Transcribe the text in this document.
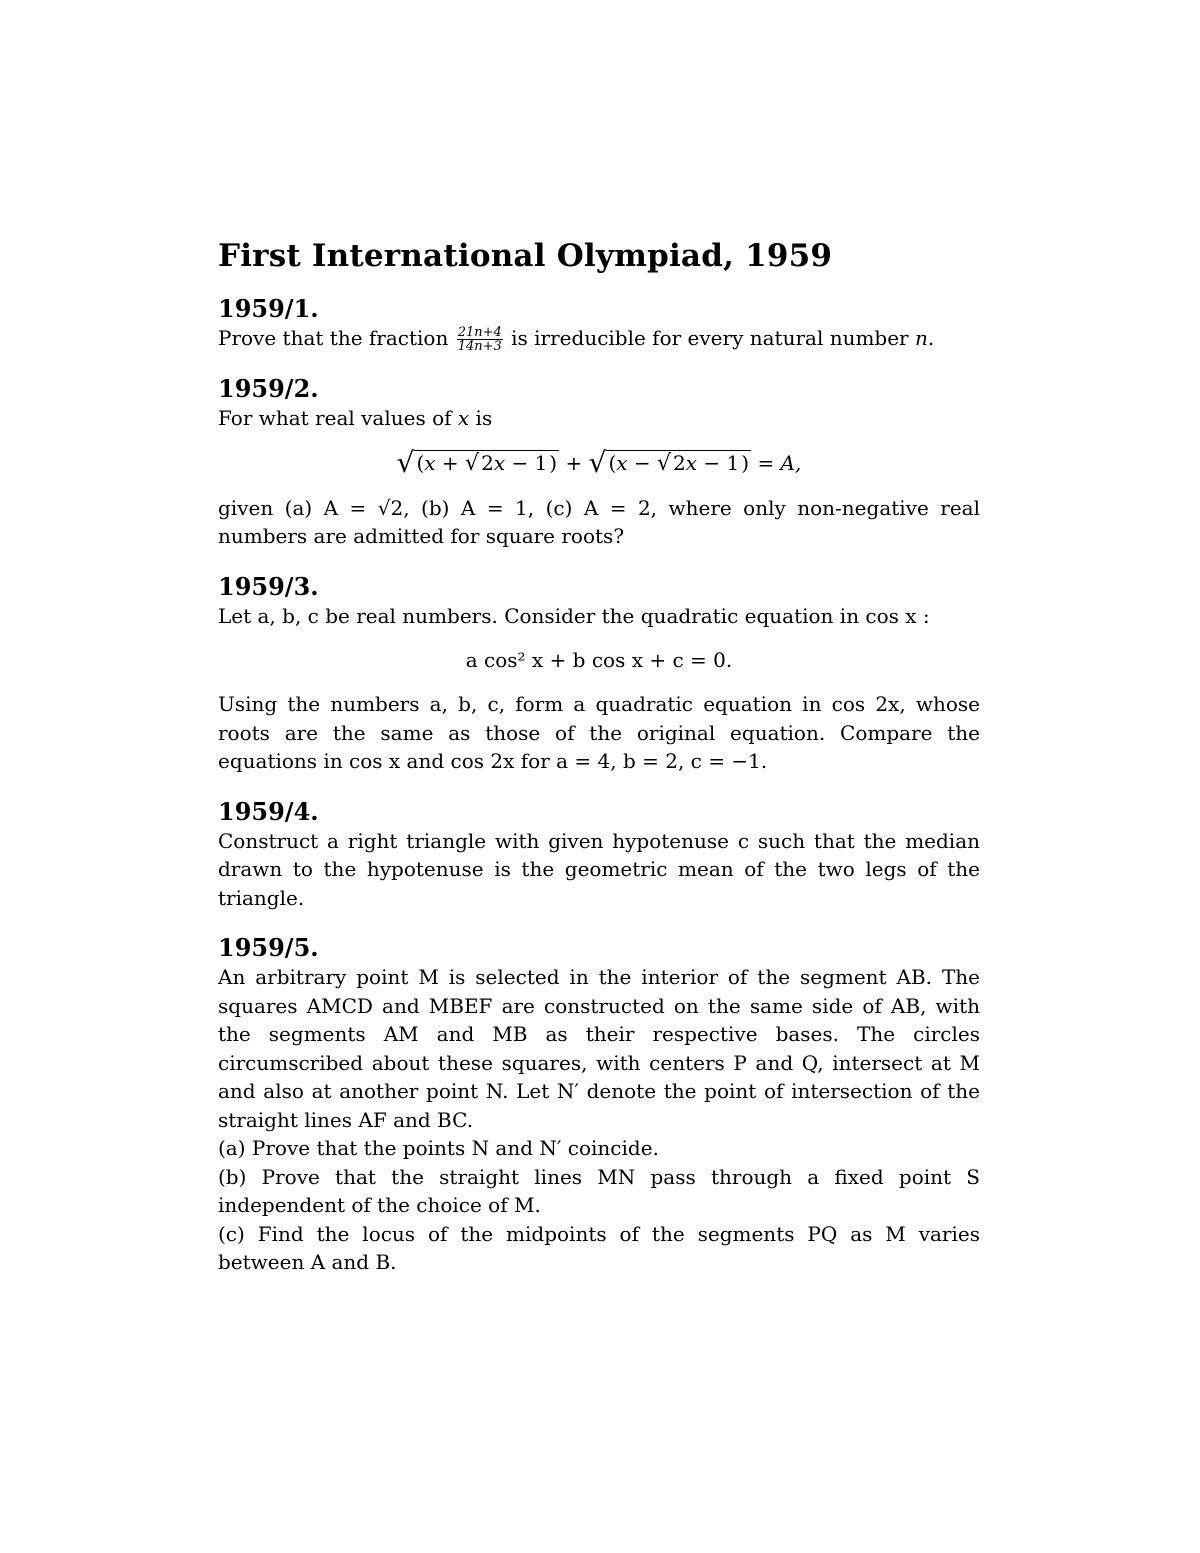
First International Olympiad, 1959
1959/1.

Prove that the fraction $\frac{21n+4}{14n+3}$ is irreducible for every natural number n.

1959/2.

For what real values of x is

√ (x + √ 2x − 1 ) + √ (x − √ 2x − 1 ) = A,

given (a) A = √2, (b) A = 1, (c) A = 2, where only non-negative real numbers are admitted for square roots?

1959/3.

Let a, b, c be real numbers. Consider the quadratic equation in cos x :

a cos² x + b cos x + c = 0.

Using the numbers a, b, c, form a quadratic equation in cos 2x, whose roots are the same as those of the original equation. Compare the equations in cos x and cos 2x for a = 4, b = 2, c = −1.

1959/4.

Construct a right triangle with given hypotenuse c such that the median drawn to the hypotenuse is the geometric mean of the two legs of the triangle.

1959/5.

An arbitrary point M is selected in the interior of the segment AB. The squares AMCD and MBEF are constructed on the same side of AB, with the segments AM and MB as their respective bases. The circles circumscribed about these squares, with centers P and Q, intersect at M and also at another point N. Let N′ denote the point of intersection of the straight lines AF and BC.

(a) Prove that the points N and N′ coincide.

(b) Prove that the straight lines MN pass through a fixed point S independent of the choice of M.

(c) Find the locus of the midpoints of the segments PQ as M varies between A and B.
